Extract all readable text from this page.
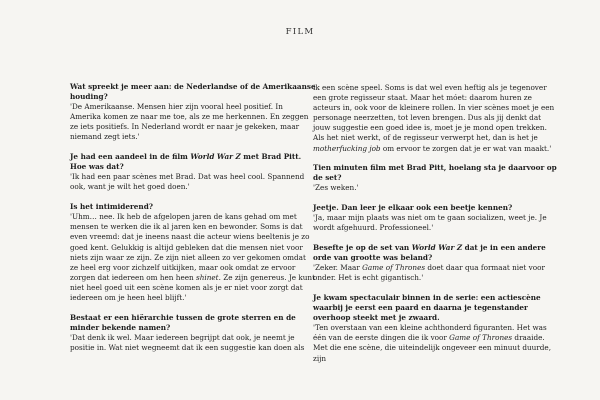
FILM
Wat spreekt je meer aan: de Nederlandse of de Amerikaanse houding?
'De Amerikaanse. Mensen hier zijn vooral heel positief. In Amerika komen ze naar me toe, als ze me herkennen. En zeggen ze iets positiefs. In Nederland wordt er naar je gekeken, maar niemand zegt iets.'
Je had een aandeel in de film World War Z met Brad Pitt. Hoe was dat?
'Ik had een paar scènes met Brad. Dat was heel cool. Spannend ook, want je wilt het goed doen.'
Is het intimiderend?
'Uhm… nee. Ik heb de afgelopen jaren de kans gehad om met mensen te werken die ik al jaren ken en bewonder. Soms is dat even vreemd: dat je ineens naast die acteur wiens beeltenis je zo goed kent. Gelukkig is altijd gebleken dat die mensen niet voor niets zijn waar ze zijn. Ze zijn niet alleen zo ver gekomen omdat ze heel erg voor zichzelf uitkijken, maar ook omdat ze ervoor zorgen dat iedereen om hen heen shinet. Ze zijn genereus. Je kunt niet heel goed uit een scène komen als je er niet voor zorgt dat iedereen om je heen heel blijft.'
Bestaat er een hiërarchie tussen de grote sterren en de minder bekende namen?
'Dat denk ik wel. Maar iedereen begrijpt dat ook, je neemt je positie in. Wat niet wegneemt dat ik een suggestie kan doen als
ik een scène speel. Soms is dat wel even heftig als je tegenover een grote regisseur staat. Maar het móet: daarom huren ze acteurs in, ook voor de kleinere rollen. In vier scènes moet je een personage neerzetten, tot leven brengen. Dus als jij denkt dat jouw suggestie een goed idee is, moet je je mond open trekken. Als het niet werkt, of de regisseur verwerpt het, dan is het je motherfucking job om ervoor te zorgen dat je er wat van maakt.'
Tien minuten film met Brad Pitt, hoelang sta je daarvoor op de set?
'Zes weken.'
Jeetje. Dan leer je elkaar ook een beetje kennen?
'Ja, maar mijn plaats was niet om te gaan socializen, weet je. Je wordt afgehuurd. Professioneel.'
Besefte je op de set van World War Z dat je in een andere orde van grootte was beland?
'Zeker. Maar Game of Thrones doet daar qua formaat niet voor onder. Het is echt gigantisch.'
Je kwam spectaculair binnen in de serie: een actiescène waarbij je eerst een paard en daarna je tegenstander overhoop steekt met je zwaard.
'Ten overstaan van een kleine achthonderd figuranten. Het was één van de eerste dingen die ik voor Game of Thrones draaide. Met die ene scène, die uiteindelijk ongeveer een minuut duurde, zijn
